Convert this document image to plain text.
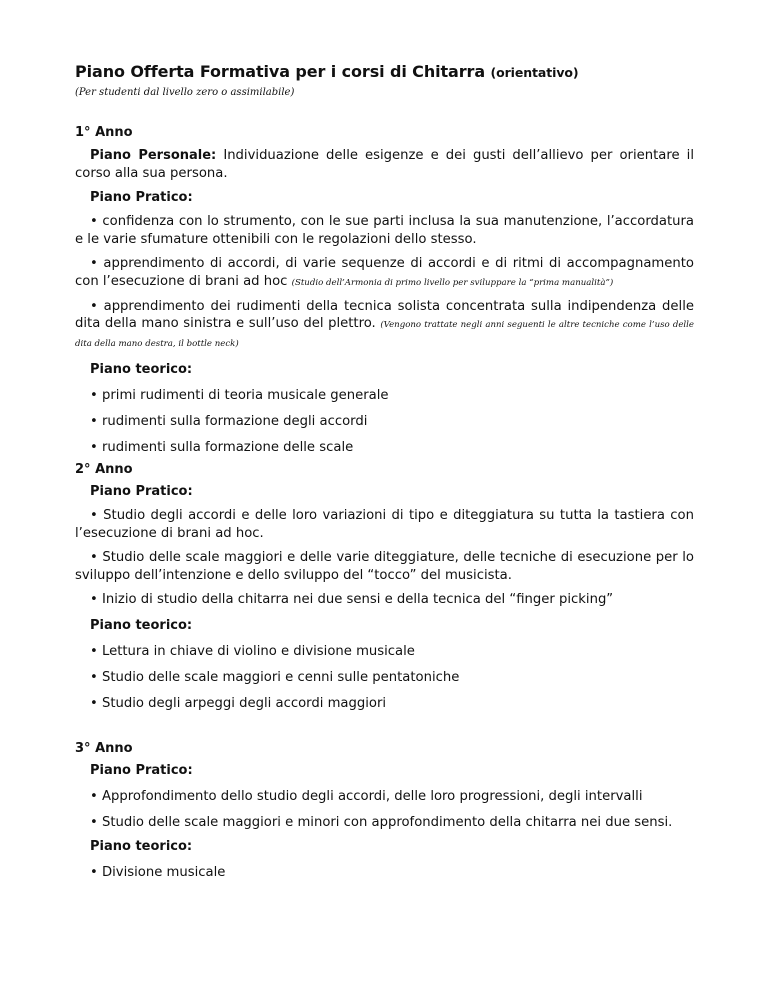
Piano Offerta Formativa per i corsi di Chitarra (orientativo)
(Per studenti dal livello zero o assimilabile)
1° Anno

Piano Personale: Individuazione delle esigenze e dei gusti dell’allievo per orientare il corso alla sua persona.

Piano Pratico:

• confidenza con lo strumento, con le sue parti inclusa la sua manutenzione, l’accordatura e le varie sfumature ottenibili con le regolazioni dello stesso.

• apprendimento di accordi, di varie sequenze di accordi e di ritmi di accompagnamento con l’esecuzione di brani ad hoc (Studio dell’Armonia di primo livello per sviluppare la “prima manualità”)

• apprendimento dei rudimenti della tecnica solista concentrata sulla indipendenza delle dita della mano sinistra e sull’uso del plettro. (Vengono trattate negli anni seguenti le altre tecniche come l’uso delle dita della mano destra, il bottle neck)

Piano teorico:

• primi rudimenti di teoria musicale generale

• rudimenti sulla formazione degli accordi

• rudimenti sulla formazione delle scale

2° Anno

Piano Pratico:

• Studio degli accordi e delle loro variazioni di tipo e diteggiatura su tutta la tastiera con l’esecuzione di brani ad hoc.

• Studio delle scale maggiori e delle varie diteggiature, delle tecniche di esecuzione per lo sviluppo dell’intenzione e dello sviluppo del “tocco” del musicista.

• Inizio di studio della chitarra nei due sensi e della tecnica del “finger picking”

Piano teorico:

• Lettura in chiave di violino e divisione musicale

• Studio delle scale maggiori e cenni sulle pentatoniche

• Studio degli arpeggi degli accordi maggiori

3° Anno

Piano Pratico:

• Approfondimento dello studio degli accordi, delle loro progressioni, degli intervalli

• Studio delle scale maggiori e minori con approfondimento della chitarra nei due sensi.

Piano teorico:

• Divisione musicale
